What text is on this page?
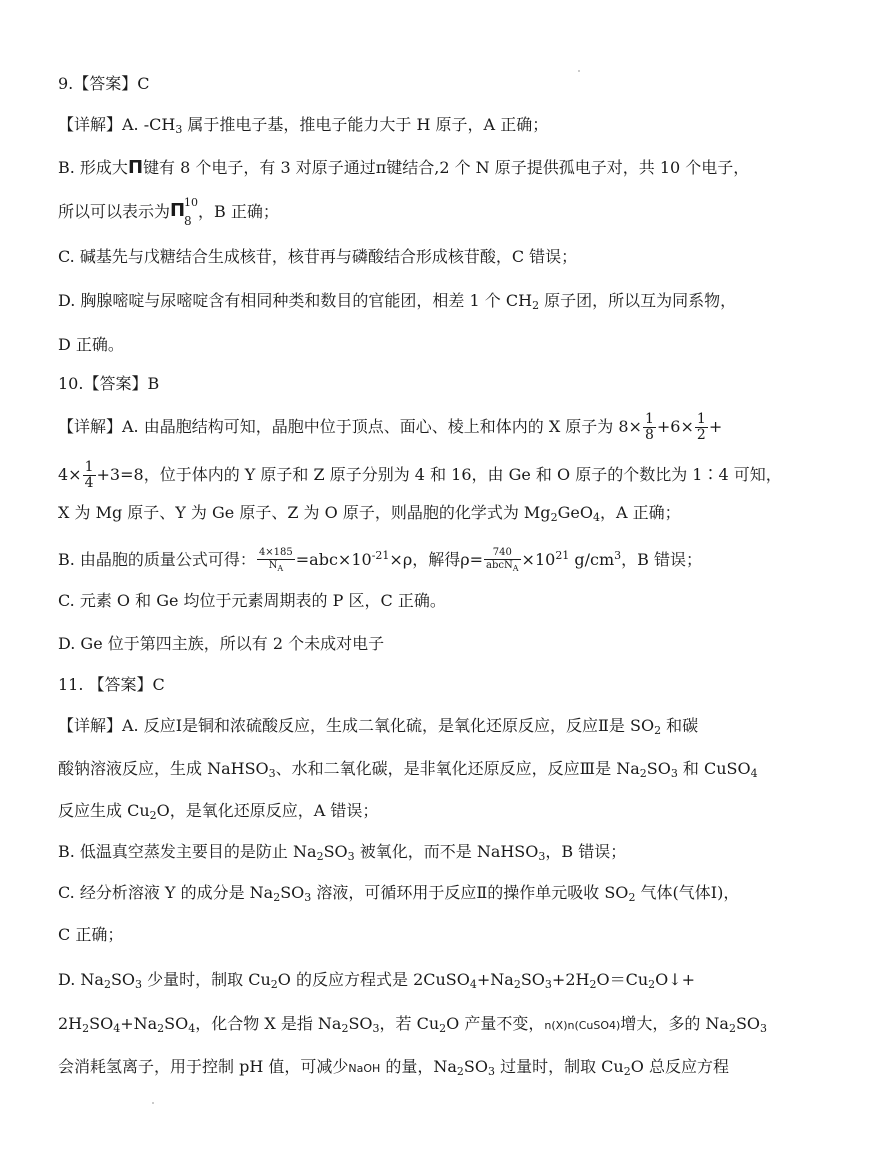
9.【答案】C
【详解】A. $-CH_3$ 属于推电子基，推电子能力大于 H 原子，A 正确；
B. 形成大Π键有 8 个电子，有 3 对原子通过π键结合,2 个 N 原子提供孤电子对，共 10 个电子，
所以可以表示为 Π
10
8 ，B 正确；
C. 碱基先与戊糖结合生成核苷，核苷再与磷酸结合形成核苷酸，C 错误；
D. 胸腺嘧啶与尿嘧啶含有相同种类和数目的官能团，相差 1 个 $CH_2$ 原子团，所以互为同系物，
D 正确。
10.【答案】B
【详解】A. 由晶胞结构可知，晶胞中位于顶点、面心、棱上和体内的 X 原子为 $8\times \frac{1}{8} +6\times \frac{1}{2}$ +
$4\times \frac{1}{4} +3=8$，位于体内的 Y 原子和 Z 原子分别为 4 和 16，由 Ge 和 O 原子的个数比为 1∶4 可知，
X 为 Mg 原子、Y 为 Ge 原子、Z 为 O 原子，则晶胞的化学式为 $Mg_2GeO_4$，A 正确；
B. 由晶胞的质量公式可得： $\frac{4\times 185}{N_A} =abc\times 10^{-21}\times\rho$，解得$\rho= \frac{740}{abcN_A} \times 10^{21}$ $g/cm^3$，B 错误；
C. 元素 O 和 Ge 均位于元素周期表的 P 区，C 正确。
D. Ge 位于第四主族，所以有 2 个未成对电子
11. 【答案】C
【详解】A. 反应Ⅰ是铜和浓硫酸反应，生成二氧化硫，是氧化还原反应，反应Ⅱ是 $SO_2$ 和碳
酸钠溶液反应，生成 NaHSO$_3$、水和二氧化碳，是非氧化还原反应，反应Ⅲ是 $Na_2SO_3$ 和 CuSO$_4$
反应生成 $Cu_2O$，是氧化还原反应，A 错误；
B. 低温真空蒸发主要目的是防止 $Na_2SO_3$ 被氧化，而不是 NaHSO$_3$，B 错误；
C. 经分析溶液 Y 的成分是 $Na_2SO_3$ 溶液，可循环用于反应Ⅱ的操作单元吸收 $SO_2$ 气体(气体Ⅰ)，
C 正确；
D. $Na_2SO_3$ 少量时，制取 $Cu_2O$ 的反应方程式是 $2CuSO_4+Na_2SO_3+2H_2O=Cu_2O↓+$
$2H_2SO_4+Na_2SO_4$，化合物 X 是指 $Na_2SO_3$，若 $Cu_2O$ 产量不变，n(X)n(CuSO4)增大，多的 $Na_2SO_3$
会消耗氢离子，用于控制 pH 值，可减少NaOH 的量，$Na_2SO_3$ 过量时，制取 $Cu_2O$ 总反应方程
